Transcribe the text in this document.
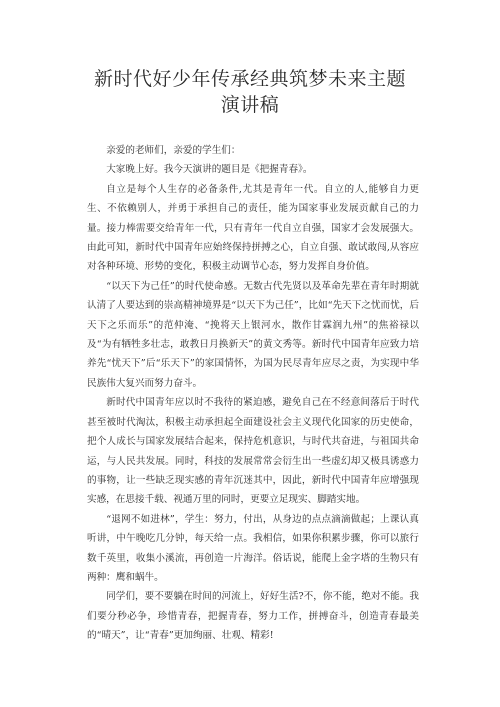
新时代好少年传承经典筑梦未来主题
演讲稿

亲爱的老师们，亲爱的学生们：

大家晚上好。我今天演讲的题目是《把握青春》。

自立是每个人生存的必备条件,尤其是青年一代。自立的人,能够自力更生、不依赖别人，并勇于承担自己的责任，能为国家事业发展贡献自己的力量。接力棒需要交给青年一代，只有青年一代自立自强，国家才会发展强大。由此可知，新时代中国青年应始终保持拼搏之心，自立自强、敢试敢闯,从容应对各种环境、形势的变化，积极主动调节心态，努力发挥自身价值。

“以天下为己任”的时代使命感。无数古代先贤以及革命先辈在青年时期就认清了人要达到的崇高精神境界是“以天下为己任”，比如“先天下之忧而忧，后天下之乐而乐”的范仲淹、“挽将天上银河水，散作甘霖润九州”的焦裕禄以及“为有牺牲多壮志，敢教日月换新天”的黄文秀等。新时代中国青年应致力培养先“忧天下”后“乐天下”的家国情怀，为国为民尽青年应尽之责，为实现中华民族伟大复兴而努力奋斗。

新时代中国青年应以时不我待的紧迫感，避免自己在不经意间落后于时代甚至被时代淘汰，积极主动承担起全面建设社会主义现代化国家的历史使命，把个人成长与国家发展结合起来，保持危机意识，与时代共奋进，与祖国共命运，与人民共发展。同时，科技的发展常常会衍生出一些虚幻却又极具诱惑力的事物，让一些缺乏现实感的青年沉迷其中，因此，新时代中国青年应增强现实感，在思接千载、视通万里的同时，更要立足现实、脚踏实地。

“退网不如进林”，学生：努力，付出，从身边的点点滴滴做起；上课认真听讲，中午晚吃几分钟，每天给一点。我相信，如果你积累步骤，你可以旅行数千英里，收集小溪流，再创造一片海洋。俗话说，能爬上金字塔的生物只有两种：鹰和蜗牛。

同学们，要不要躺在时间的河流上，好好生活?不，你不能，绝对不能。我们要分秒必争，珍惜青春，把握青春，努力工作，拼搏奋斗，创造青春最美的“晴天”，让“青春”更加绚丽、壮观、精彩!
